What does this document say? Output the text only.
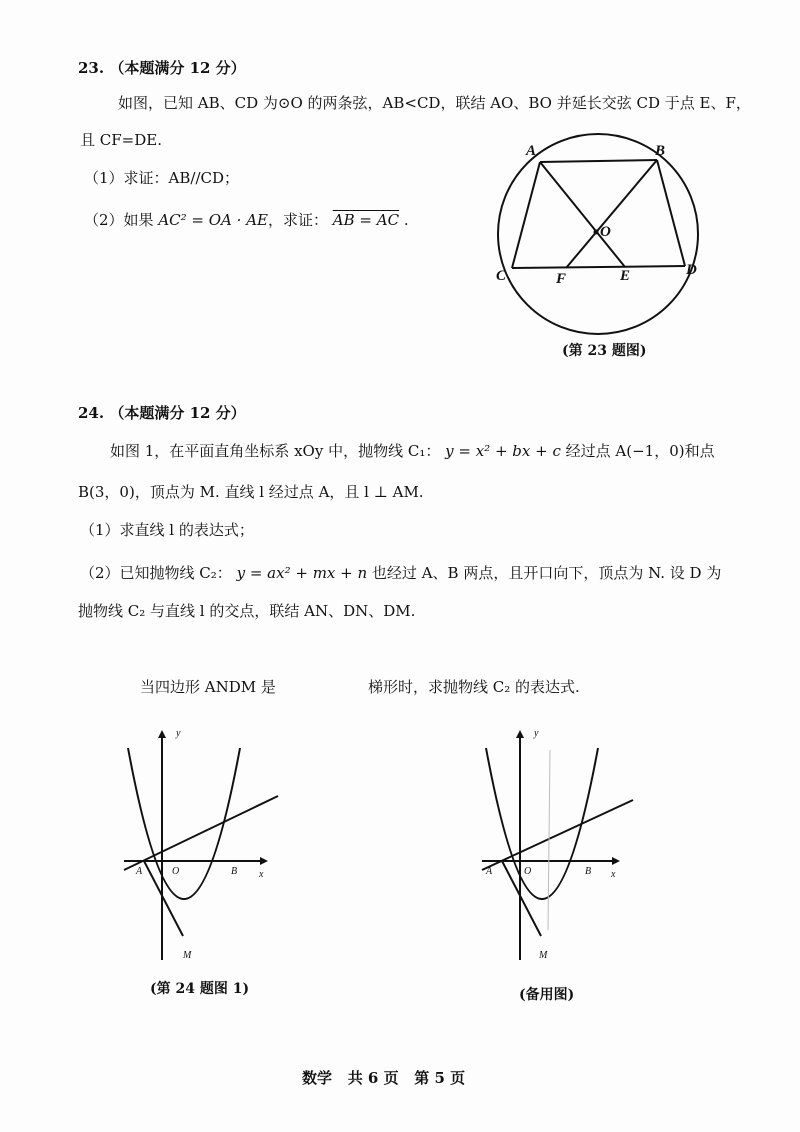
23. （本题满分 12 分）
如图，已知 AB、CD 为⊙O 的两条弦，AB<CD，联结 AO、BO 并延长交弦 CD 于点 E、F，
且 CF=DE.
（1）求证：AB//CD；
（2）如果 AC² = OA · AE，求证： AB = AC .
A	B
C	D
E
F
O
(第 23 题图)
24. （本题满分 12 分）
如图 1，在平面直角坐标系 xOy 中，抛物线 C₁： y = x² + bx + c 经过点 A(−1，0)和点
B(3，0)，顶点为 M. 直线 l 经过点 A，且 l ⊥ AM.
（1）求直线 l 的表达式；
（2）已知抛物线 C₂： y = ax² + mx + n 也经过 A、B 两点，且开口向下，顶点为 N. 设 D 为
抛物线 C₂ 与直线 l 的交点，联结 AN、DN、DM.
当四边形 ANDM 是	梯形时，求抛物线 C₂ 的表达式.
y
x
O
A	B
M
(第 24 题图 1)
y
x
O
A	B
M
(备用图)
数学 共 6 页 第 5 页
